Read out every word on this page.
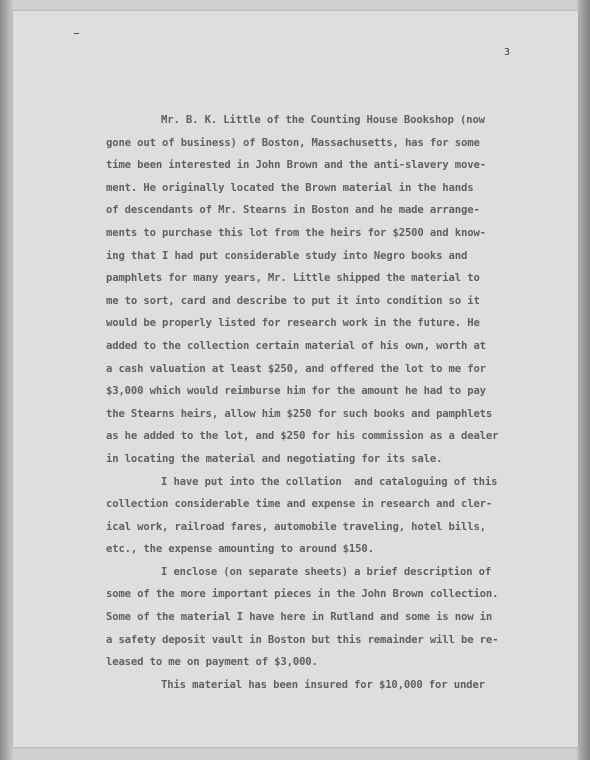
3
Mr. B. K. Little of the Counting House Bookshop (now
gone out of business) of Boston, Massachusetts, has for some
time been interested in John Brown and the anti-slavery move-
ment. He originally located the Brown material in the hands
of descendants of Mr. Stearns in Boston and he made arrange-
ments to purchase this lot from the heirs for $2500 and know-
ing that I had put considerable study into Negro books and
pamphlets for many years, Mr. Little shipped the material to
me to sort, card and describe to put it into condition so it
would be properly listed for research work in the future. He
added to the collection certain material of his own, worth at
a cash valuation at least $250, and offered the lot to me for
$3,000 which would reimburse him for the amount he had to pay
the Stearns heirs, allow him $250 for such books and pamphlets
as he added to the lot, and $250 for his commission as a dealer
in locating the material and negotiating for its sale.
I have put into the collation  and cataloguing of this
collection considerable time and expense in research and cler-
ical work, railroad fares, automobile traveling, hotel bills,
etc., the expense amounting to around $150.
I enclose (on separate sheets) a brief description of
some of the more important pieces in the John Brown collection.
Some of the material I have here in Rutland and some is now in
a safety deposit vault in Boston but this remainder will be re-
leased to me on payment of $3,000.
This material has been insured for $10,000 for under
